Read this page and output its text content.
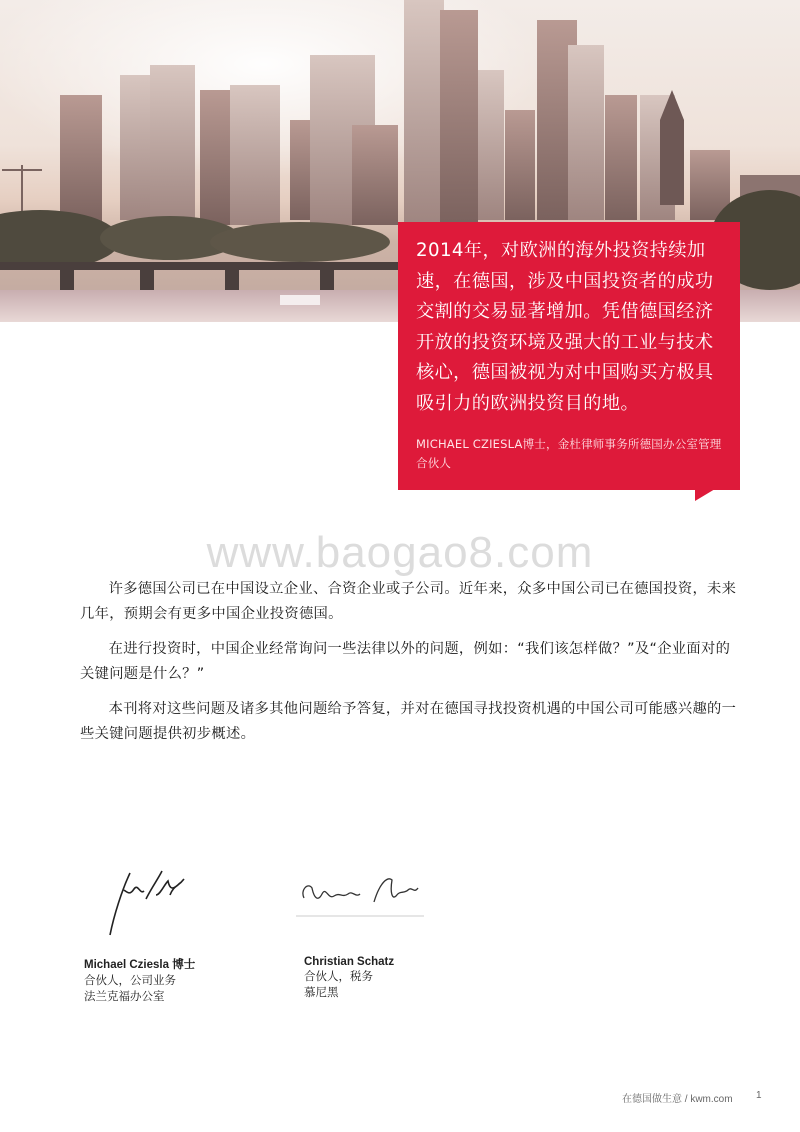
2014年，对欧洲的海外投资持续加速，在德国，涉及中国投资者的成功交割的交易显著增加。凭借德国经济开放的投资环境及强大的工业与技术核心，德国被视为对中国购买方极具吸引力的欧洲投资目的地。
MICHAEL CZIESLA博士，金杜律师事务所德国办公室管理合伙人
www.baogao8.com

许多德国公司已在中国设立企业、合资企业或子公司。近年来，众多中国公司已在德国投资，未来几年，预期会有更多中国企业投资德国。

在进行投资时，中国企业经常询问一些法律以外的问题，例如：“我们该怎样做？”及“企业面对的关键问题是什么？”

本刊将对这些问题及诸多其他问题给予答复，并对在德国寻找投资机遇的中国公司可能感兴趣的一些关键问题提供初步概述。

Michael Cziesla 博士
合伙人，公司业务
法兰克福办公室
Christian Schatz
合伙人，税务
慕尼黑
在德国做生意 / kwm.com 1
